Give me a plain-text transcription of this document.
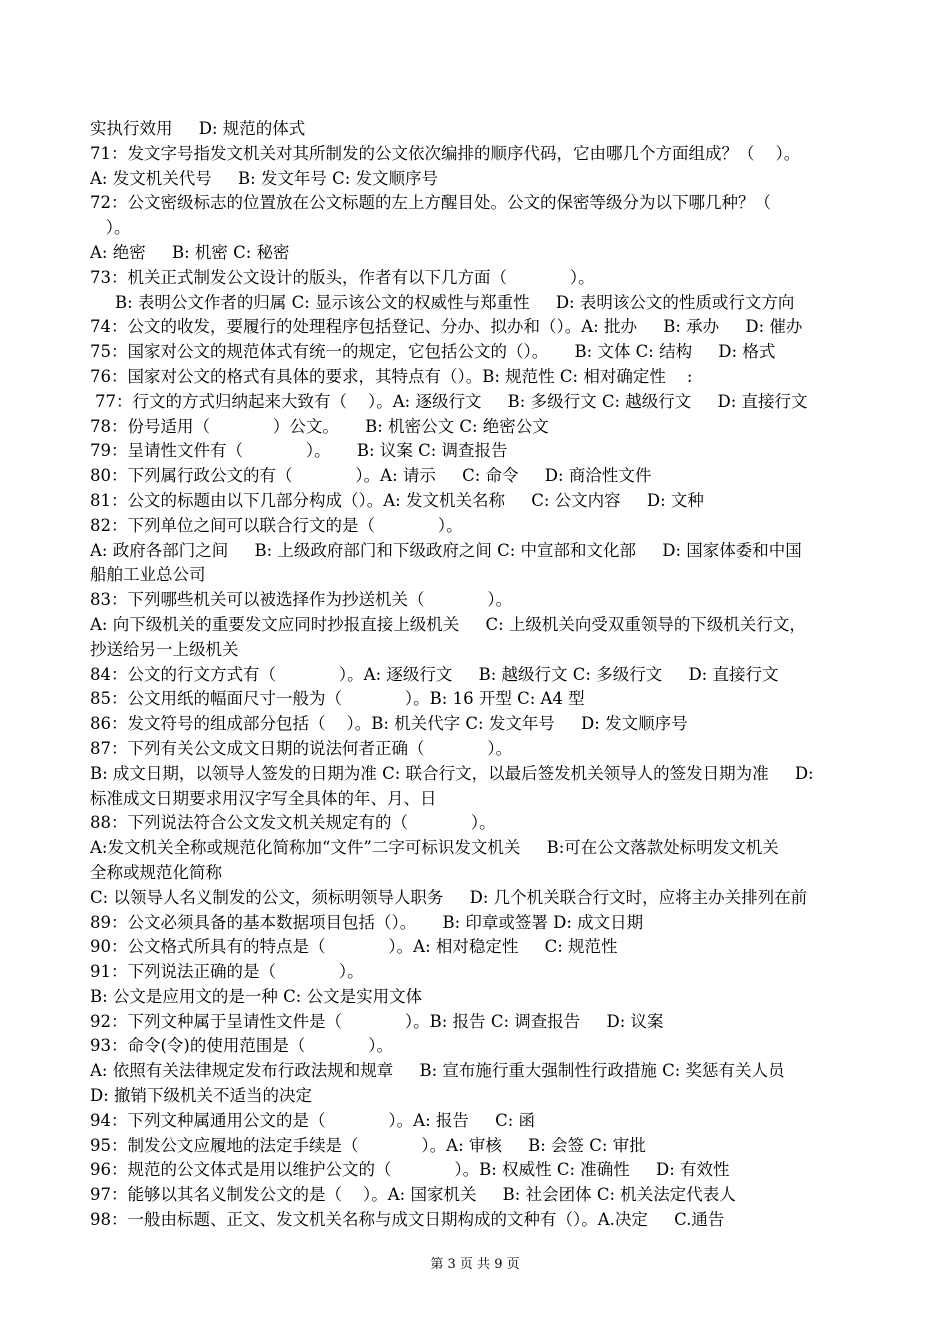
实执行效用     D: 规范的体式
71：发文字号指发文机关对其所制发的公文依次编排的顺序代码，它由哪几个方面组成？（    ）。
A: 发文机关代号     B: 发文年号 C: 发文顺序号
72：公文密级标志的位置放在公文标题的左上方醒目处。公文的保密等级分为以下哪几种？（
）。
A: 绝密     B: 机密 C: 秘密
73：机关正式制发公文设计的版头，作者有以下几方面（            ）。
B: 表明公文作者的归属 C: 显示该公文的权威性与郑重性     D: 表明该公文的性质或行文方向
74：公文的收发，要履行的处理程序包括登记、分办、拟办和（）。A: 批办     B: 承办     D: 催办
75：国家对公文的规范体式有统一的规定，它包括公文的（）。     B: 文体 C: 结构     D: 格式
76：国家对公文的格式有具体的要求，其特点有（）。B: 规范性 C: 相对确定性    :
77：行文的方式归纳起来大致有（    ）。A: 逐级行文     B: 多级行文 C: 越级行文     D: 直接行文
78：份号适用（            ）公文。     B: 机密公文 C: 绝密公文
79：呈请性文件有（            ）。     B: 议案 C: 调查报告
80：下列属行政公文的有（            ）。A: 请示     C: 命令     D: 商洽性文件
81：公文的标题由以下几部分构成（）。A: 发文机关名称     C: 公文内容     D: 文种
82：下列单位之间可以联合行文的是（            ）。
A: 政府各部门之间     B: 上级政府部门和下级政府之间 C: 中宣部和文化部     D: 国家体委和中国
船舶工业总公司
83：下列哪些机关可以被选择作为抄送机关（            ）。
A: 向下级机关的重要发文应同时抄报直接上级机关     C: 上级机关向受双重领导的下级机关行文，
抄送给另一上级机关
84：公文的行文方式有（            ）。A: 逐级行文     B: 越级行文 C: 多级行文     D: 直接行文
85：公文用纸的幅面尺寸一般为（            ）。B: 16 开型 C: A4 型
86：发文符号的组成部分包括（    ）。B: 机关代字 C: 发文年号     D: 发文顺序号
87：下列有关公文成文日期的说法何者正确（            ）。
B: 成文日期，以领导人签发的日期为准 C: 联合行文，以最后签发机关领导人的签发日期为准     D:
标准成文日期要求用汉字写全具体的年、月、日
88：下列说法符合公文发文机关规定有的（            ）。
A:发文机关全称或规范化简称加“文件”二字可标识发文机关     B:可在公文落款处标明发文机关
全称或规范化简称
C: 以领导人名义制发的公文，须标明领导人职务     D: 几个机关联合行文时，应将主办关排列在前
89：公文必须具备的基本数据项目包括（）。     B: 印章或签署 D: 成文日期
90：公文格式所具有的特点是（            ）。A: 相对稳定性     C: 规范性
91：下列说法正确的是（            ）。
B: 公文是应用文的是一种 C: 公文是实用文体
92：下列文种属于呈请性文件是（            ）。B: 报告 C: 调查报告     D: 议案
93：命令(令)的使用范围是（            ）。
A: 依照有关法律规定发布行政法规和规章     B: 宣布施行重大强制性行政措施 C: 奖惩有关人员
D: 撤销下级机关不适当的决定
94：下列文种属通用公文的是（            ）。A: 报告     C: 函
95：制发公文应履地的法定手续是（            ）。A: 审核     B: 会签 C: 审批
96：规范的公文体式是用以维护公文的（            ）。B: 权威性 C: 准确性     D: 有效性
97：能够以其名义制发公文的是（    ）。A: 国家机关     B: 社会团体 C: 机关法定代表人
98：一般由标题、正文、发文机关名称与成文日期构成的文种有（）。A.决定     C.通告
第 3 页 共 9 页
